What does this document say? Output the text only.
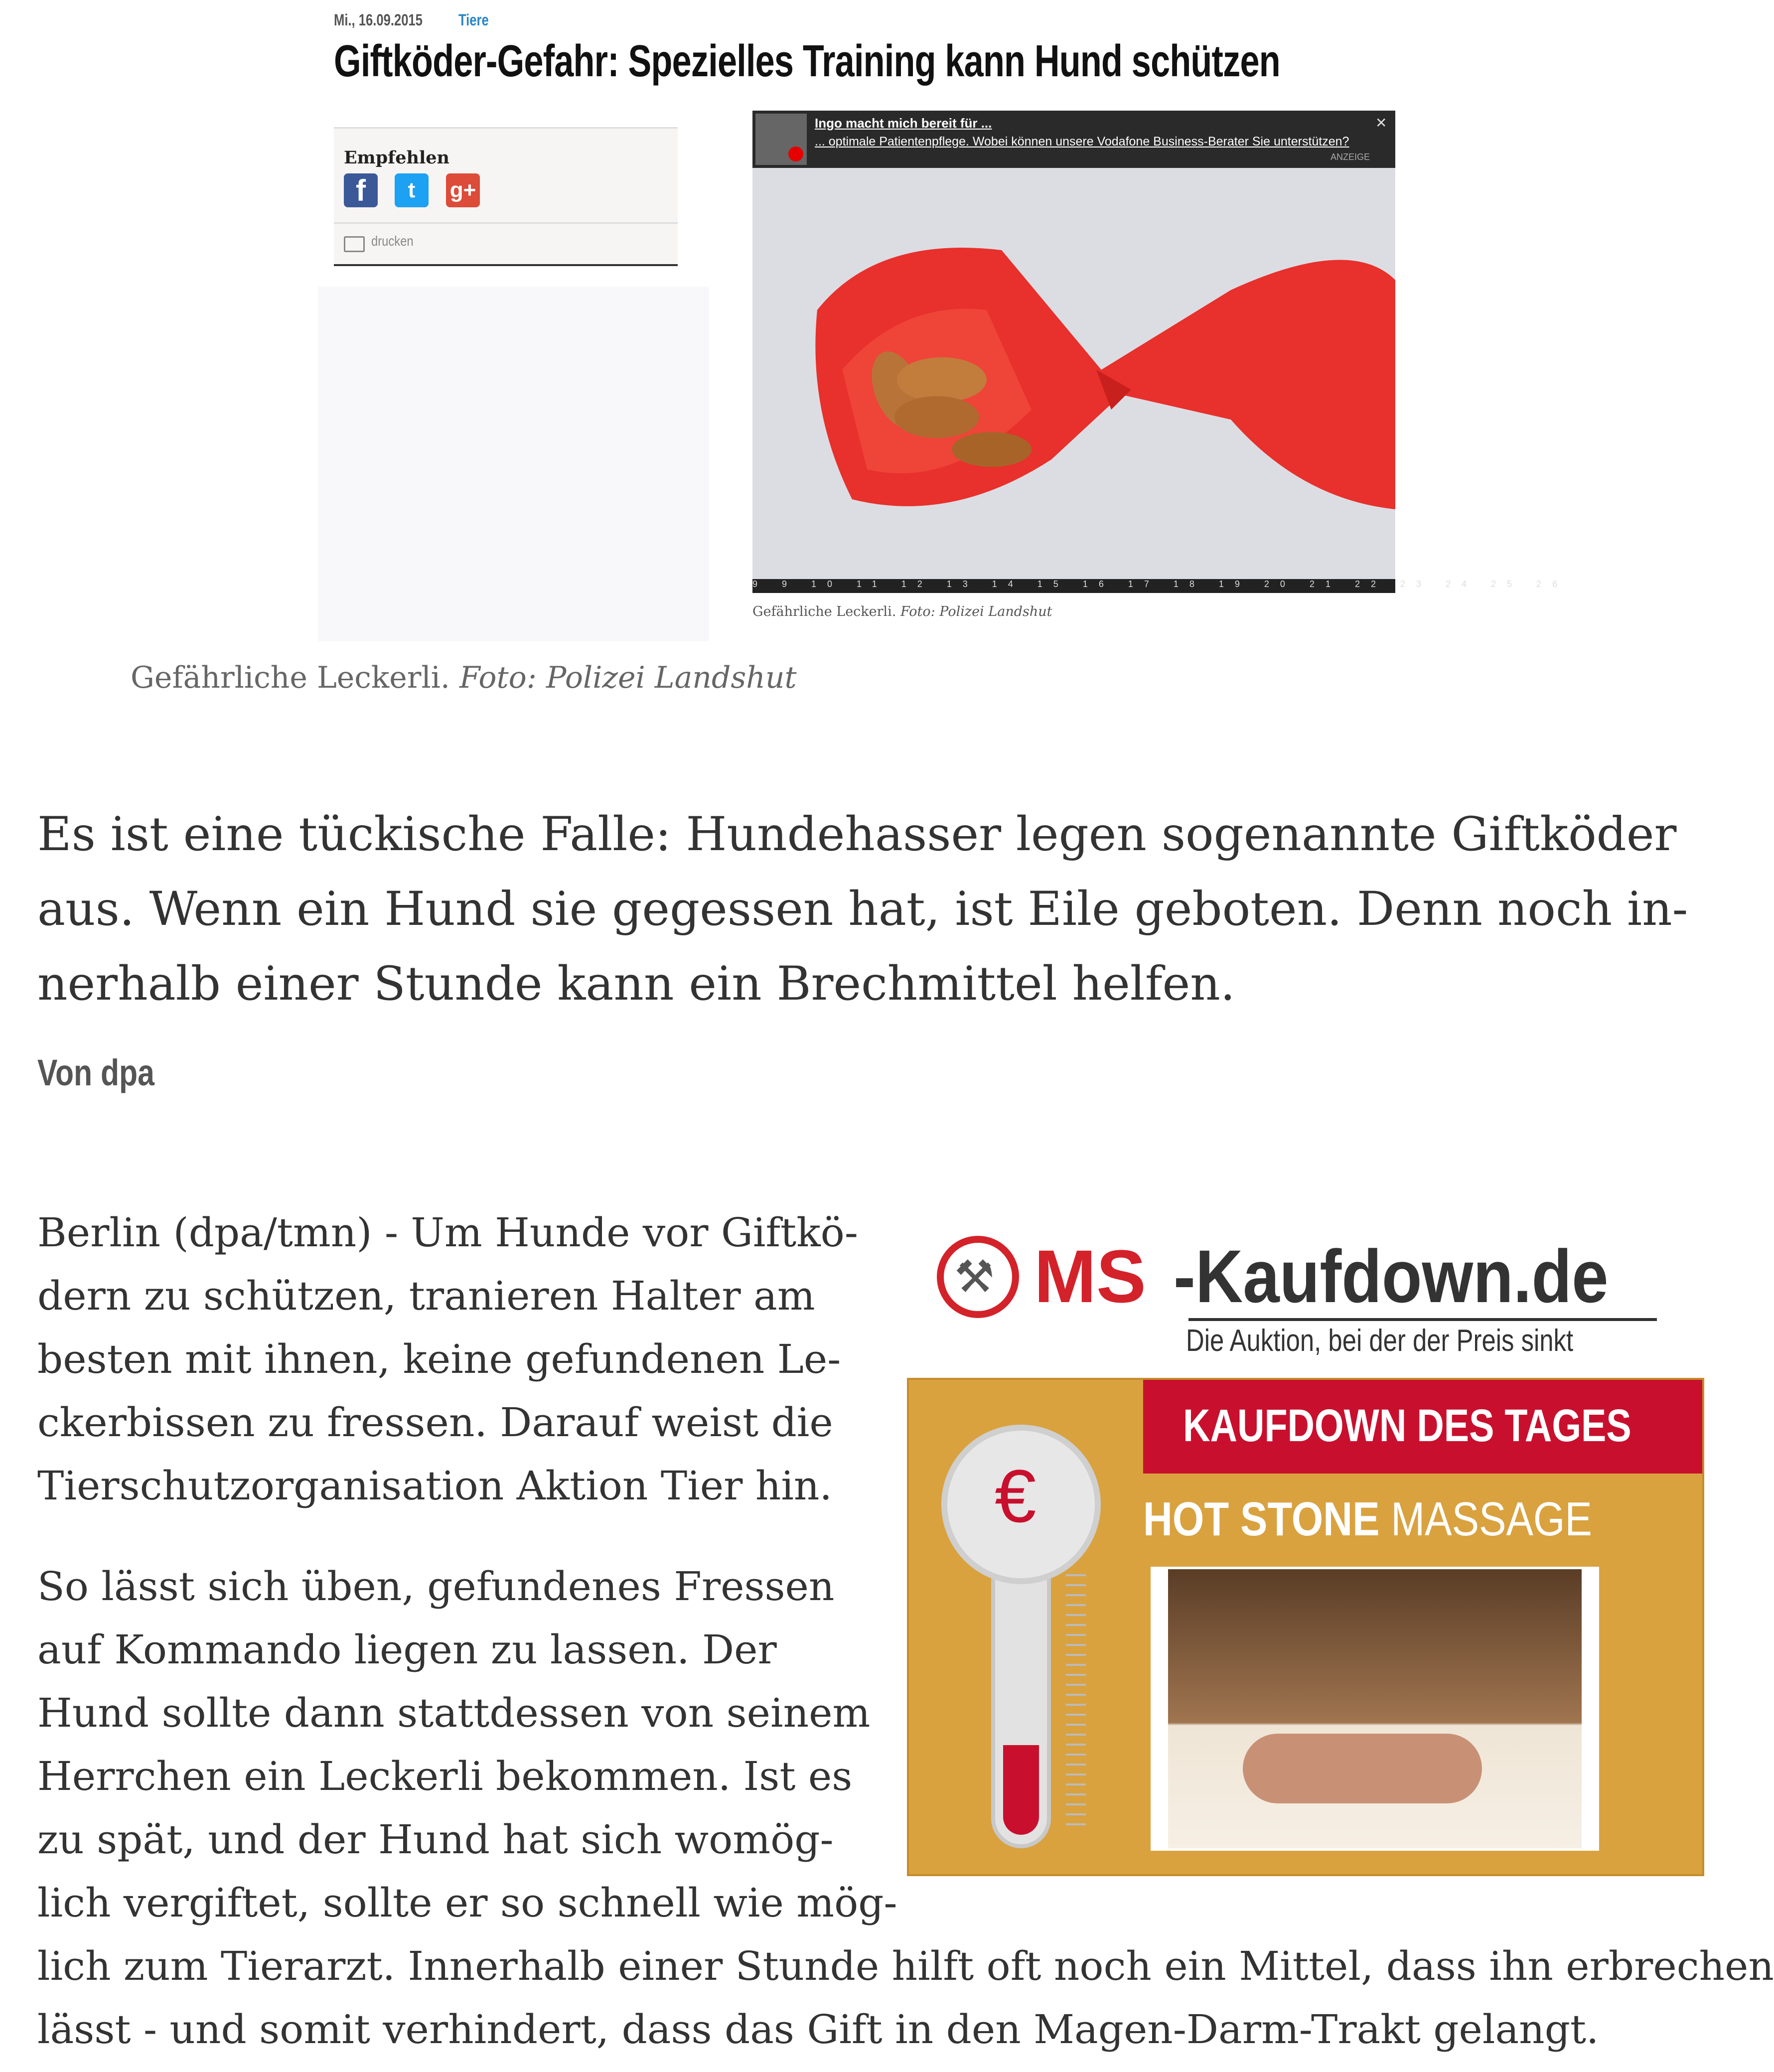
Mi., 16.09.2015 Tiere
Giftköder-Gefahr: Spezielles Training kann Hund schützen
Empfehlen
f	t	g+
drucken
Ingo macht mich bereit für ...
... optimale Patientenpflege. Wobei können unsere Vodafone Business-Berater Sie unterstützen?
ANZEIGE
✕
9 9 10 11 12 13 14 15 16 17 18 19 20 21 22 23 24 25 26
Gefährliche Leckerli. Foto: Polizei Landshut
Gefährliche Leckerli. Foto: Polizei Landshut
Es ist eine tückische Falle: Hundehasser legen sogenannte Giftköder
aus. Wenn ein Hund sie gegessen hat, ist Eile geboten. Denn noch in-
nerhalb einer Stunde kann ein Brechmittel helfen.
Von dpa
Berlin (dpa/tmn) - Um Hunde vor Giftkö-
dern zu schützen, tranieren Halter am
besten mit ihnen, keine gefundenen Le-
ckerbissen zu fressen. Darauf weist die
Tierschutzorganisation Aktion Tier hin.
So lässt sich üben, gefundenes Fressen
auf Kommando liegen zu lassen. Der
Hund sollte dann stattdessen von seinem
Herrchen ein Leckerli bekommen. Ist es
zu spät, und der Hund hat sich womög-
lich vergiftet, sollte er so schnell wie mög-
lich zum Tierarzt. Innerhalb einer Stunde hilft oft noch ein Mittel, dass ihn erbrechen
lässt - und somit verhindert, dass das Gift in den Magen-Darm-Trakt gelangt.
⚒ MS -Kaufdown.de
Die Auktion, bei der der Preis sinkt
KAUFDOWN DES TAGES
HOT STONE MASSAGE
€
